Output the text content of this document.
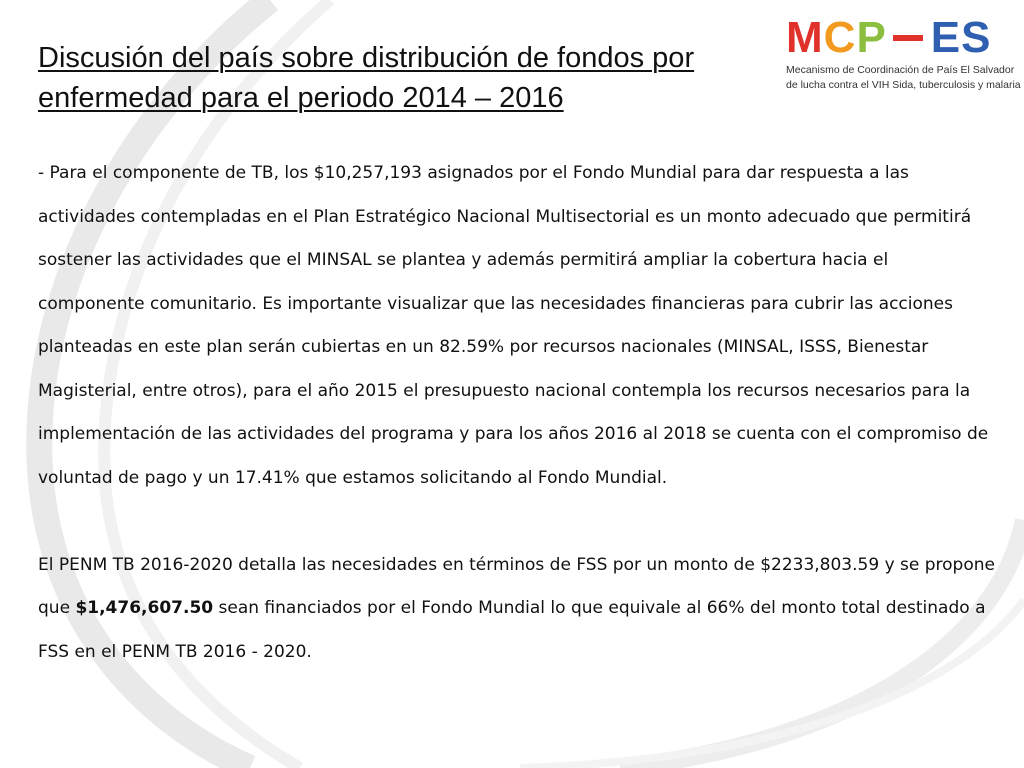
Discusión del país sobre distribución de fondos por enfermedad para el periodo 2014 – 2016
M C P ES
Mecanismo de Coordinación de País El Salvador
de lucha contra el VIH Sida, tuberculosis y malaria

- Para el componente de TB, los $10,257,193 asignados por el Fondo Mundial para dar respuesta a las actividades contempladas en el Plan Estratégico Nacional Multisectorial es un monto adecuado que permitirá sostener las actividades que el MINSAL se plantea y además permitirá ampliar la cobertura hacia el componente comunitario. Es importante visualizar que las necesidades financieras para cubrir las acciones planteadas en este plan serán cubiertas en un 82.59% por recursos nacionales (MINSAL, ISSS, Bienestar Magisterial, entre otros), para el año 2015 el presupuesto nacional contempla los recursos necesarios para la implementación de las actividades del programa y para los años 2016 al 2018 se cuenta con el compromiso de voluntad de pago y un 17.41% que estamos solicitando al Fondo Mundial.

El PENM TB 2016-2020 detalla las necesidades en términos de FSS por un monto de $2233,803.59 y se propone que $1,476,607.50 sean financiados por el Fondo Mundial lo que equivale al 66% del monto total destinado a FSS en el PENM TB 2016 - 2020.
